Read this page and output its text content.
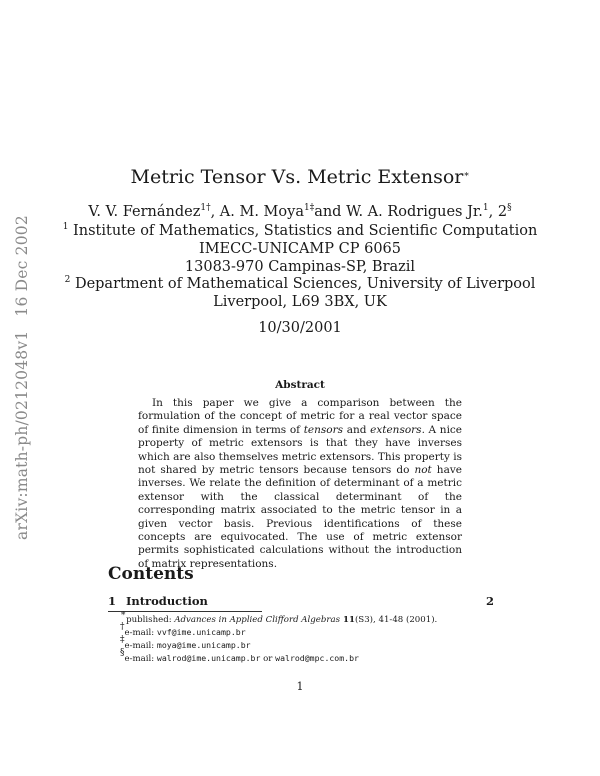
arXiv:math-ph/0212048v116 Dec 2002
Metric Tensor Vs. Metric Extensor∗
V. V. Fernández$^{1\dagger}$, A. M. Moya$^{1\ddagger}$and W. A. Rodrigues Jr.$^1$, 2§
$^1$ Institute of Mathematics, Statistics and Scientific Computation
IMECC-UNICAMP CP 6065
13083-970 Campinas-SP, Brazil
$^2$ Department of Mathematical Sciences, University of Liverpool
Liverpool, L69 3BX, UK
10/30/2001
Abstract
In this paper we give a comparison between the formulation of the concept of metric for a real vector space of finite dimension in terms of tensors and extensors. A nice property of metric extensors is that they have inverses which are also themselves metric extensors. This property is not shared by metric tensors because tensors do not have inverses. We relate the definition of determinant of a metric extensor with the classical determinant of the corresponding matrix associated to the metric tensor in a given vector basis. Previous identifications of these concepts are equivocated. The use of metric extensor permits sophisticated calculations without the introduction of matrix representations.
Contents
1 Introduction	2
∗published: Advances in Applied Clifford Algebras 11(S3), 41-48 (2001).
†e-mail: vvf@ime.unicamp.br
‡e-mail: moya@ime.unicamp.br
§e-mail: walrod@ime.unicamp.br or walrod@mpc.com.br
1
